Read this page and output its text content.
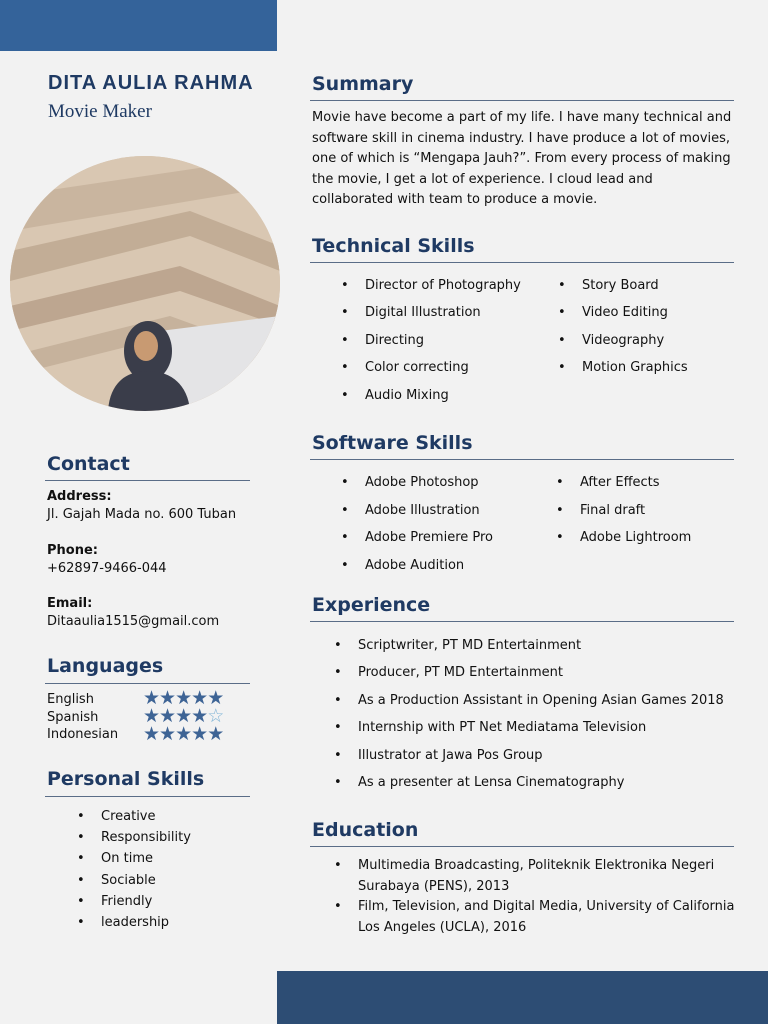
DITA AULIA RAHMA
Movie Maker
Contact
Address:
Jl. Gajah Mada no. 600 Tuban
Phone:
+62897-9466-044
Email:
Ditaaulia1515@gmail.com
Languages
English
Spanish
Indonesian
★★★★★
★★★★☆
★★★★★
Personal Skills
• Creative
• Responsibility
• On time
• Sociable
• Friendly
• leadership
Summary
Movie have become a part of my life. I have many technical and software skill in cinema industry. I have produce a lot of movies, one of which is “Mengapa Jauh?”. From every process of making the movie, I get a lot of experience. I cloud lead and collaborated with team to produce a movie.
Technical Skills
• Director of Photography
• Digital Illustration
• Directing
• Color correcting
• Audio Mixing
• Story Board
• Video Editing
• Videography
• Motion Graphics
Software Skills
• Adobe Photoshop
• Adobe Illustration
• Adobe Premiere Pro
• Adobe Audition
• After Effects
• Final draft
• Adobe Lightroom
Experience
• Scriptwriter, PT MD Entertainment
• Producer, PT MD Entertainment
• As a Production Assistant in Opening Asian Games 2018
• Internship with PT Net Mediatama Television
• Illustrator at Jawa Pos Group
• As a presenter at Lensa Cinematography
Education
• Multimedia Broadcasting, Politeknik Elektronika Negeri
Surabaya (PENS), 2013
• Film, Television, and Digital Media, University of California
Los Angeles (UCLA), 2016
